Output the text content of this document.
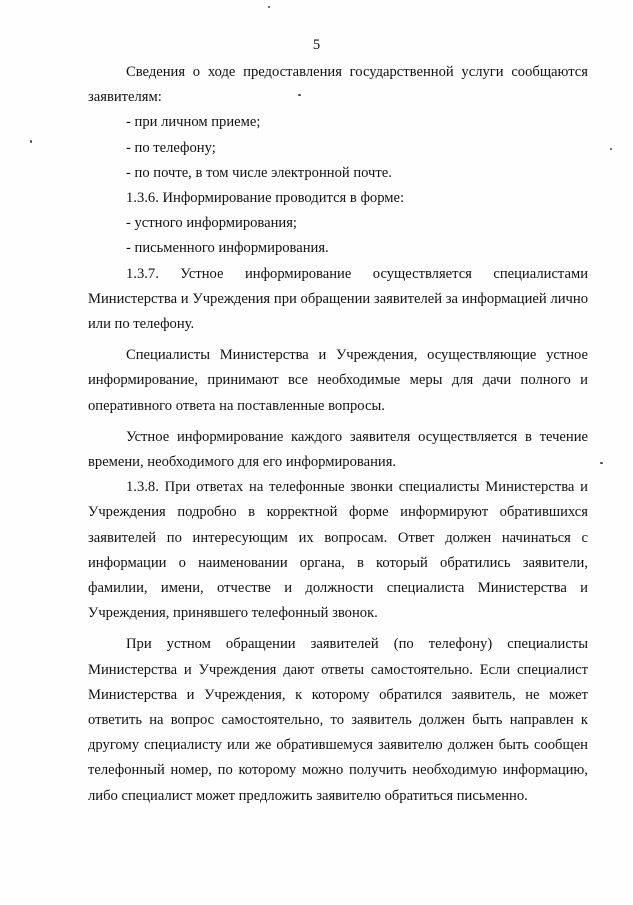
5

Сведения о ходе предоставления государственной услуги сообщаются заявителям:

- при личном приеме;

- по телефону;

- по почте, в том числе электронной почте.

1.3.6. Информирование проводится в форме:

- устного информирования;

- письменного информирования.

1.3.7. Устное информирование осуществляется специалистами Министерства и Учреждения при обращении заявителей за информацией лично или по телефону.

Специалисты Министерства и Учреждения, осуществляющие устное информирование, принимают все необходимые меры для дачи полного и оперативного ответа на поставленные вопросы.

Устное информирование каждого заявителя осуществляется в течение времени, необходимого для его информирования.

1.3.8. При ответах на телефонные звонки специалисты Министерства и Учреждения подробно в корректной форме информируют обратившихся заявителей по интересующим их вопросам. Ответ должен начинаться с информации о наименовании органа, в который обратились заявители, фамилии, имени, отчестве и должности специалиста Министерства и Учреждения, принявшего телефонный звонок.

При устном обращении заявителей (по телефону) специалисты Министерства и Учреждения дают ответы самостоятельно. Если специалист Министерства и Учреждения, к которому обратился заявитель, не может ответить на вопрос самостоятельно, то заявитель должен быть направлен к другому специалисту или же обратившемуся заявителю должен быть сообщен телефонный номер, по которому можно получить необходимую информацию, либо специалист может предложить заявителю обратиться письменно.
